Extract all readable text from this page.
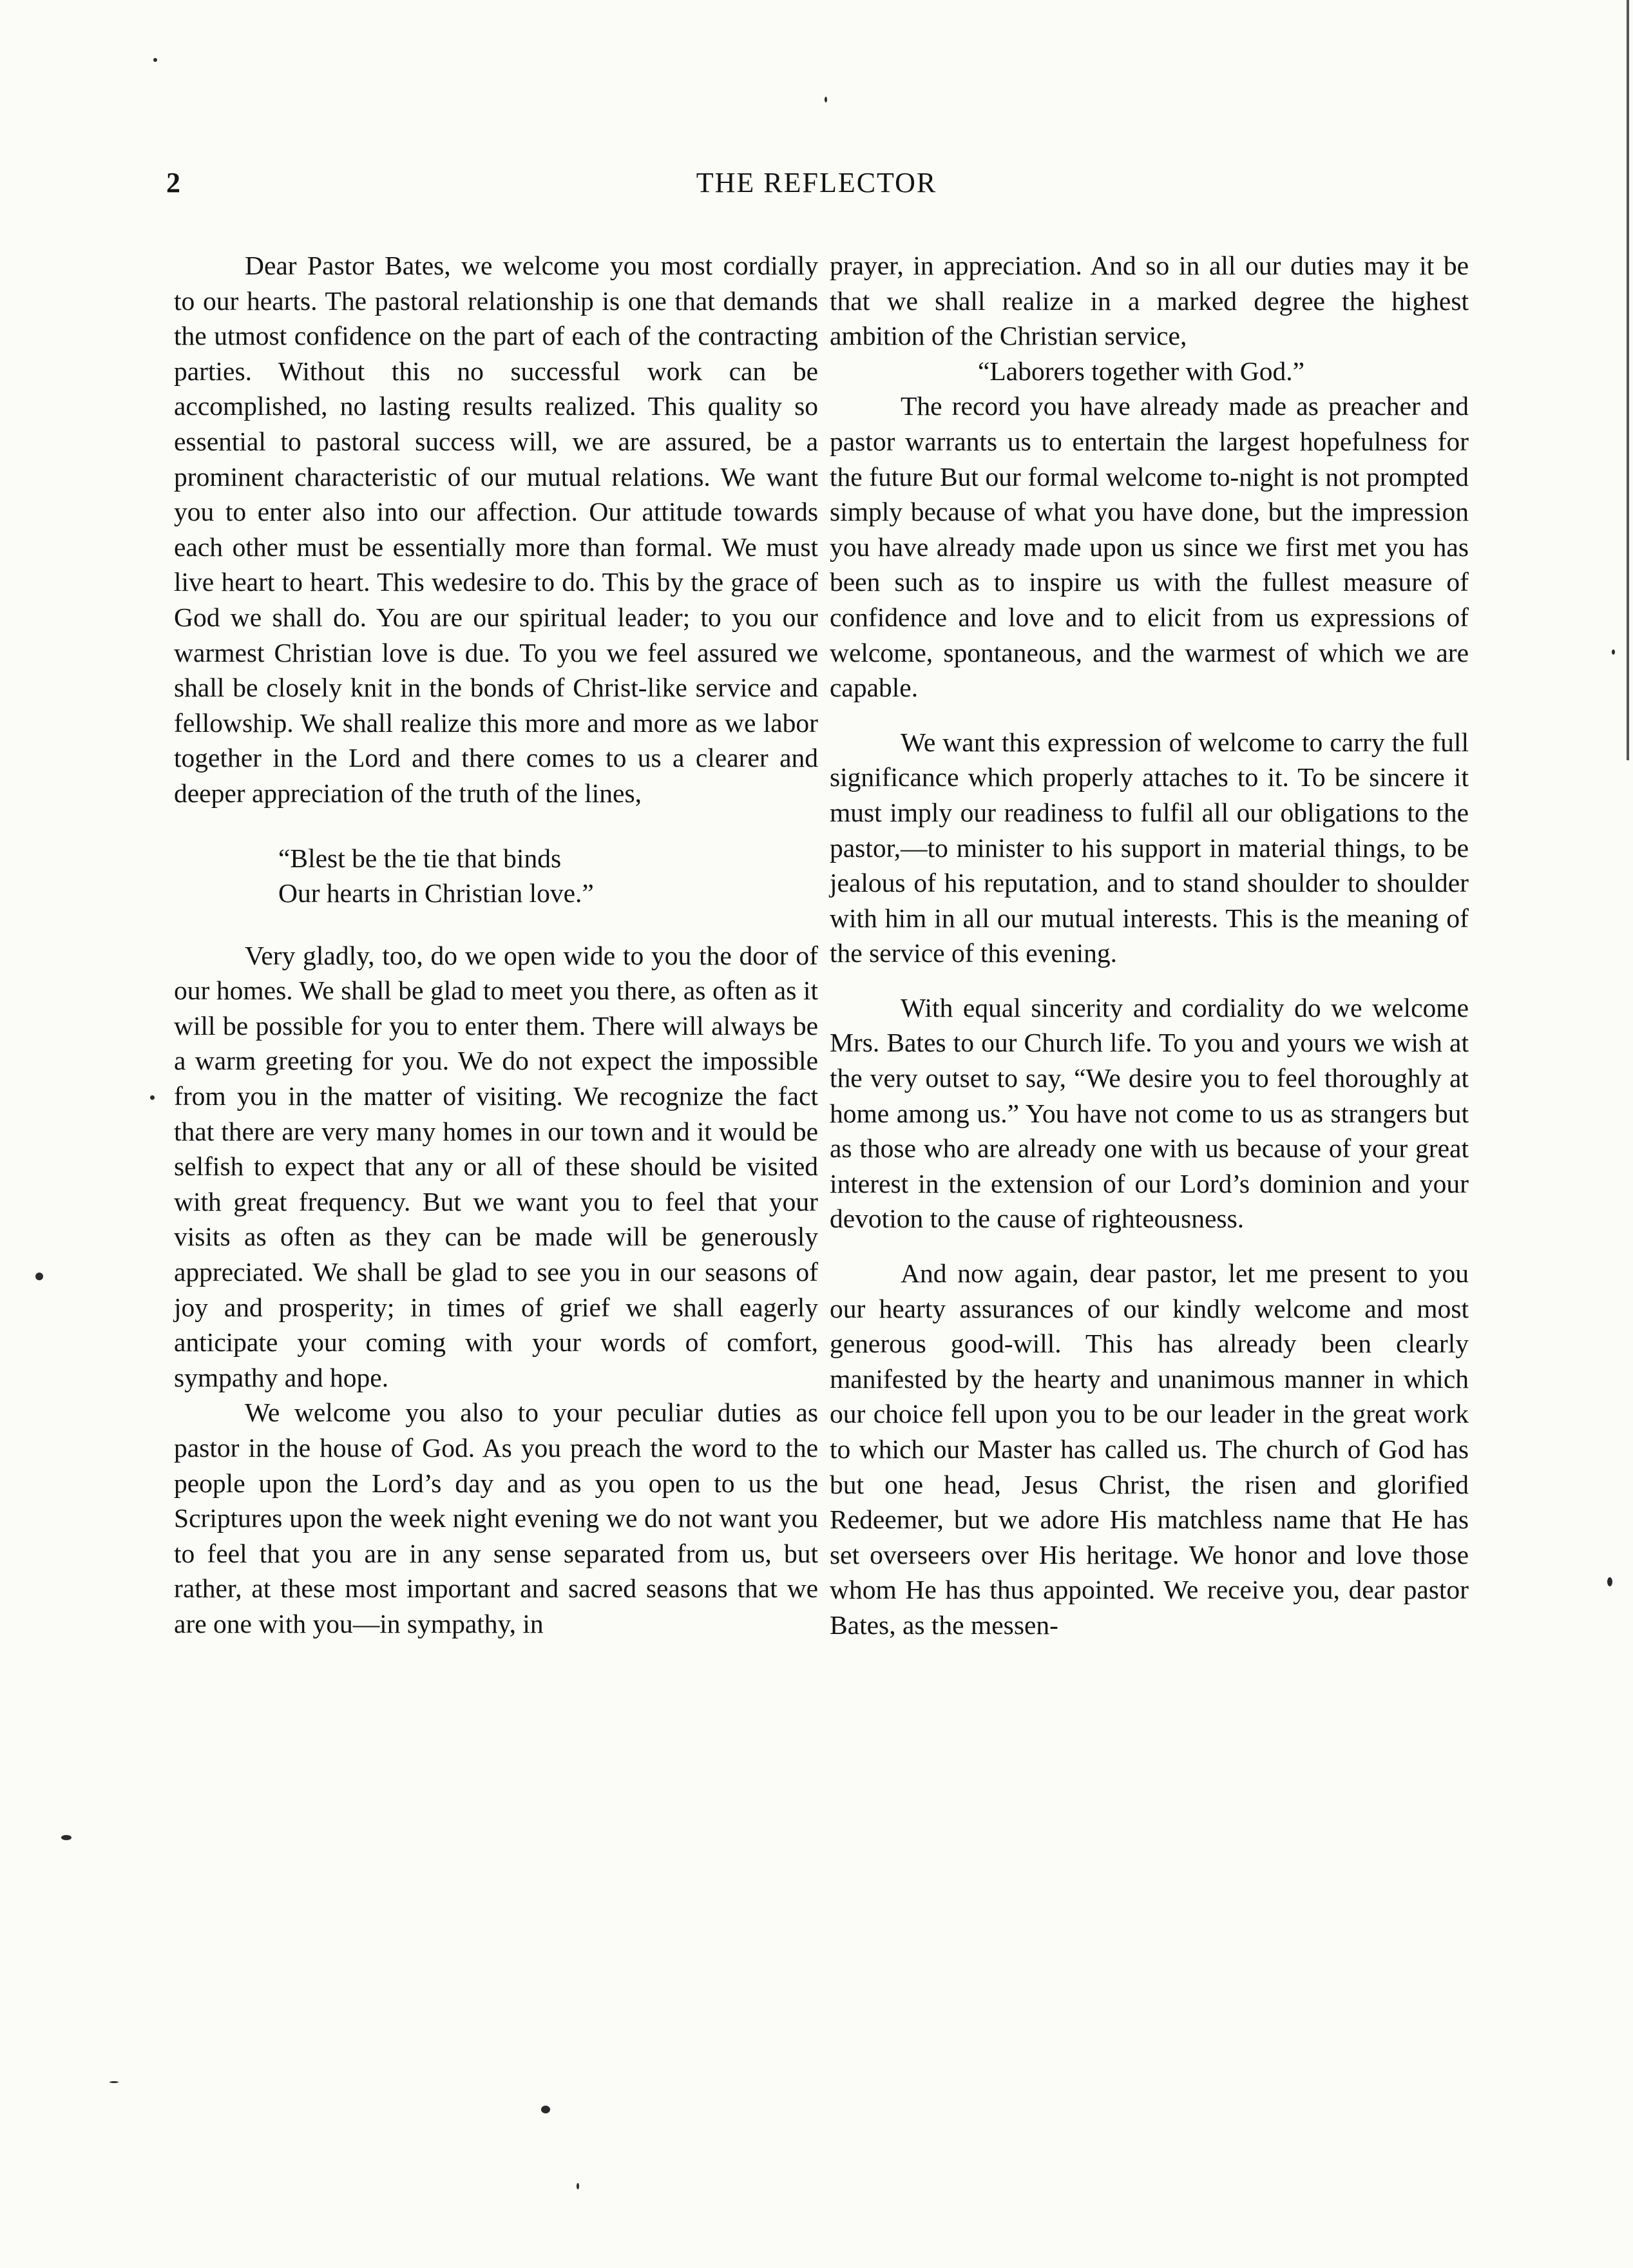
2	THE REFLECTOR

Dear Pastor Bates, we welcome you most cordially to our hearts. The pastoral relationship is one that demands the utmost confidence on the part of each of the contracting parties. Without this no successful work can be accomplished, no lasting results realized. This quality so essential to pastoral success will, we are assured, be a prominent characteristic of our mutual relations. We want you to enter also into our affection. Our attitude towards each other must be essentially more than formal. We must live heart to heart. This wedesire to do. This by the grace of God we shall do. You are our spiritual leader; to you our warmest Christian love is due. To you we feel assured we shall be closely knit in the bonds of Christ-like service and fellowship. We shall realize this more and more as we labor together in the Lord and there comes to us a clearer and deeper appreciation of the truth of the lines,

“Blest be the tie that binds
Our hearts in Christian love.”

Very gladly, too, do we open wide to you the door of our homes. We shall be glad to meet you there, as often as it will be possible for you to enter them. There will always be a warm greeting for you. We do not expect the impossible from you in the matter of visiting. We recognize the fact that there are very many homes in our town and it would be selfish to expect that any or all of these should be visited with great frequency. But we want you to feel that your visits as often as they can be made will be generously appreciated. We shall be glad to see you in our seasons of joy and prosperity; in times of grief we shall eagerly anticipate your coming with your words of comfort, sympathy and hope.

We welcome you also to your peculiar duties as pastor in the house of God. As you preach the word to the people upon the Lord’s day and as you open to us the Scriptures upon the week night evening we do not want you to feel that you are in any sense separated from us, but rather, at these most important and sacred seasons that we are one with you—in sympathy, in

prayer, in appreciation. And so in all our duties may it be that we shall realize in a marked degree the highest ambition of the Christian service,

“Laborers together with God.”

The record you have already made as preacher and pastor warrants us to entertain the largest hopefulness for the future But our formal welcome to-night is not prompted simply because of what you have done, but the impression you have already made upon us since we first met you has been such as to inspire us with the fullest measure of confidence and love and to elicit from us expressions of welcome, spontaneous, and the warmest of which we are capable.

We want this expression of welcome to carry the full significance which properly attaches to it. To be sincere it must imply our readiness to fulfil all our obligations to the pastor,—to minister to his support in material things, to be jealous of his reputation, and to stand shoulder to shoulder with him in all our mutual interests. This is the meaning of the service of this evening.

With equal sincerity and cordiality do we welcome Mrs. Bates to our Church life. To you and yours we wish at the very outset to say, “We desire you to feel thoroughly at home among us.” You have not come to us as strangers but as those who are already one with us because of your great interest in the extension of our Lord’s dominion and your devotion to the cause of righteousness.

And now again, dear pastor, let me present to you our hearty assurances of our kindly welcome and most generous good-will. This has already been clearly manifested by the hearty and unanimous manner in which our choice fell upon you to be our leader in the great work to which our Master has called us. The church of God has but one head, Jesus Christ, the risen and glorified Redeemer, but we adore His matchless name that He has set overseers over His heritage. We honor and love those whom He has thus appointed. We receive you, dear pastor Bates, as the messen-
